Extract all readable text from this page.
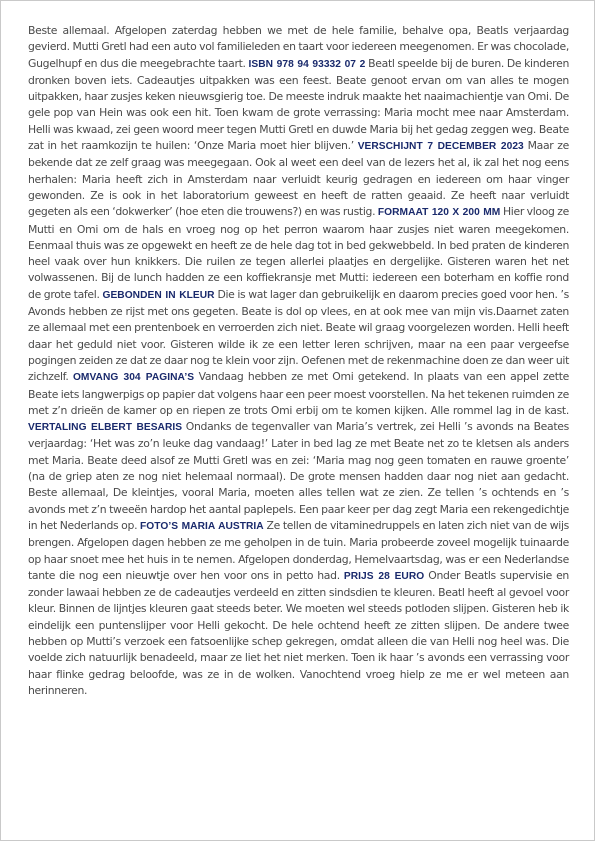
Beste allemaal. Afgelopen zaterdag hebben we met de hele familie, behalve opa, Beatls verjaardag gevierd. Mutti Gretl had een auto vol familieleden en taart voor iedereen meegenomen. Er was chocolade, Gugelhupf en dus die meegebrachte taart. ISBN 978 94 93332 07 2 Beatl speelde bij de buren. De kinderen dronken boven iets. Cadeautjes uitpakken was een feest. Beate genoot ervan om van alles te mogen uitpakken, haar zusjes keken nieuwsgierig toe. De meeste indruk maakte het naaimachientje van Omi. De gele pop van Hein was ook een hit. Toen kwam de grote verrassing: Maria mocht mee naar Amsterdam. Helli was kwaad, zei geen woord meer tegen Mutti Gretl en duwde Maria bij het gedag zeggen weg. Beate zat in het raamkozijn te huilen: ‘Onze Maria moet hier blijven.’ VERSCHIJNT 7 DECEMBER 2023 Maar ze bekende dat ze zelf graag was meegegaan. Ook al weet een deel van de lezers het al, ik zal het nog eens herhalen: Maria heeft zich in Amsterdam naar verluidt keurig gedragen en iedereen om haar vinger gewonden. Ze is ook in het laboratorium geweest en heeft de ratten geaaid. Ze heeft naar verluidt gegeten als een ‘dokwerker’ (hoe eten die trouwens?) en was rustig. FORMAAT 120 X 200 MM Hier vloog ze Mutti en Omi om de hals en vroeg nog op het perron waarom haar zusjes niet waren meegekomen. Eenmaal thuis was ze opgewekt en heeft ze de hele dag tot in bed gekwebbeld. In bed praten de kinderen heel vaak over hun knikkers. Die ruilen ze tegen allerlei plaatjes en dergelijke. Gisteren waren het net volwassenen. Bij de lunch hadden ze een koffiekransje met Mutti: iedereen een boterham en koffie rond de grote tafel. GEBONDEN IN KLEUR Die is wat lager dan gebruikelijk en daarom precies goed voor hen. ’s Avonds hebben ze rijst met ons gegeten. Beate is dol op vlees, en at ook mee van mijn vis.Daarnet zaten ze allemaal met een prentenboek en verroerden zich niet. Beate wil graag voorgelezen worden. Helli heeft daar het geduld niet voor. Gisteren wilde ik ze een letter leren schrijven, maar na een paar vergeefse pogingen zeiden ze dat ze daar nog te klein voor zijn. Oefenen met de rekenmachine doen ze dan weer uit zichzelf. OMVANG 304 PAGINA’S Vandaag hebben ze met Omi getekend. In plaats van een appel zette Beate iets langwerpigs op papier dat volgens haar een peer moest voorstellen. Na het tekenen ruimden ze met z’n drieën de kamer op en riepen ze trots Omi erbij om te komen kijken. Alle rommel lag in de kast. VERTALING ELBERT BESARIS Ondanks de tegenvaller van Maria’s vertrek, zei Helli ’s avonds na Beates verjaardag: ‘Het was zo’n leuke dag vandaag!’ Later in bed lag ze met Beate net zo te kletsen als anders met Maria. Beate deed alsof ze Mutti Gretl was en zei: ‘Maria mag nog geen tomaten en rauwe groente’ (na de griep aten ze nog niet helemaal normaal). De grote mensen hadden daar nog niet aan gedacht. Beste allemaal, De kleintjes, vooral Maria, moeten alles tellen wat ze zien. Ze tellen ’s ochtends en ’s avonds met z’n tweeën hardop het aantal paplepels. Een paar keer per dag zegt Maria een rekengedichtje in het Nederlands op. FOTO’S MARIA AUSTRIA Ze tellen de vitaminedruppels en laten zich niet van de wijs brengen. Afgelopen dagen hebben ze me geholpen in de tuin. Maria probeerde zoveel mogelijk tuinaarde op haar snoet mee het huis in te nemen. Afgelopen donderdag, Hemelvaartsdag, was er een Nederlandse tante die nog een nieuwtje over hen voor ons in petto had. PRIJS 28 EURO Onder Beatls supervisie en zonder lawaai hebben ze de cadeautjes verdeeld en zitten sindsdien te kleuren. Beatl heeft al gevoel voor kleur. Binnen de lijntjes kleuren gaat steeds beter. We moeten wel steeds potloden slijpen. Gisteren heb ik eindelijk een puntenslijper voor Helli gekocht. De hele ochtend heeft ze zitten slijpen. De andere twee hebben op Mutti’s verzoek een fatsoenlijke schep gekregen, omdat alleen die van Helli nog heel was. Die voelde zich natuurlijk benadeeld, maar ze liet het niet merken. Toen ik haar ’s avonds een verrassing voor haar flinke gedrag beloofde, was ze in de wolken. Vanochtend vroeg hielp ze me er wel meteen aan herinneren.
